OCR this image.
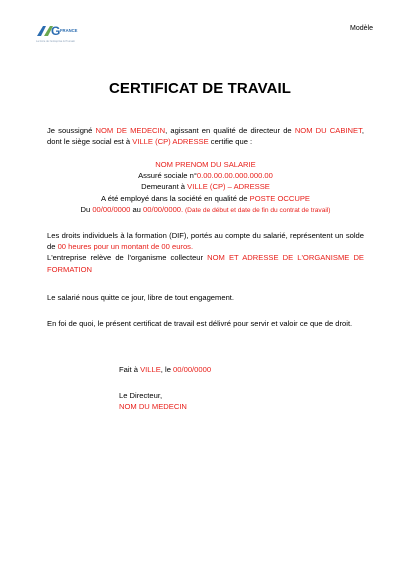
G FRANCE
La force de l'entreprise & l'humain
Modèle
CERTIFICAT DE TRAVAIL
Je soussigné NOM DE MEDECIN, agissant en qualité de directeur de NOM DU CABINET, dont le siège social est à VILLE (CP) ADRESSE certifie que :
NOM PRENOM DU SALARIE
Assuré sociale n°0.00.00.00.000.000.00
Demeurant à VILLE (CP) – ADRESSE
A été employé dans la société en qualité de POSTE OCCUPE
Du 00/00/0000 au 00/00/0000. (Date de début et date de fin du contrat de travail)
Les droits individuels à la formation (DIF), portés au compte du salarié, représentent un solde de 00 heures pour un montant de 00 euros.
L'entreprise relève de l'organisme collecteur NOM ET ADRESSE DE L'ORGANISME DE FORMATION
Le salarié nous quitte ce jour, libre de tout engagement.
En foi de quoi, le présent certificat de travail est délivré pour servir et valoir ce que de droit.
Fait à VILLE, le 00/00/0000
Le Directeur,
NOM DU MEDECIN
